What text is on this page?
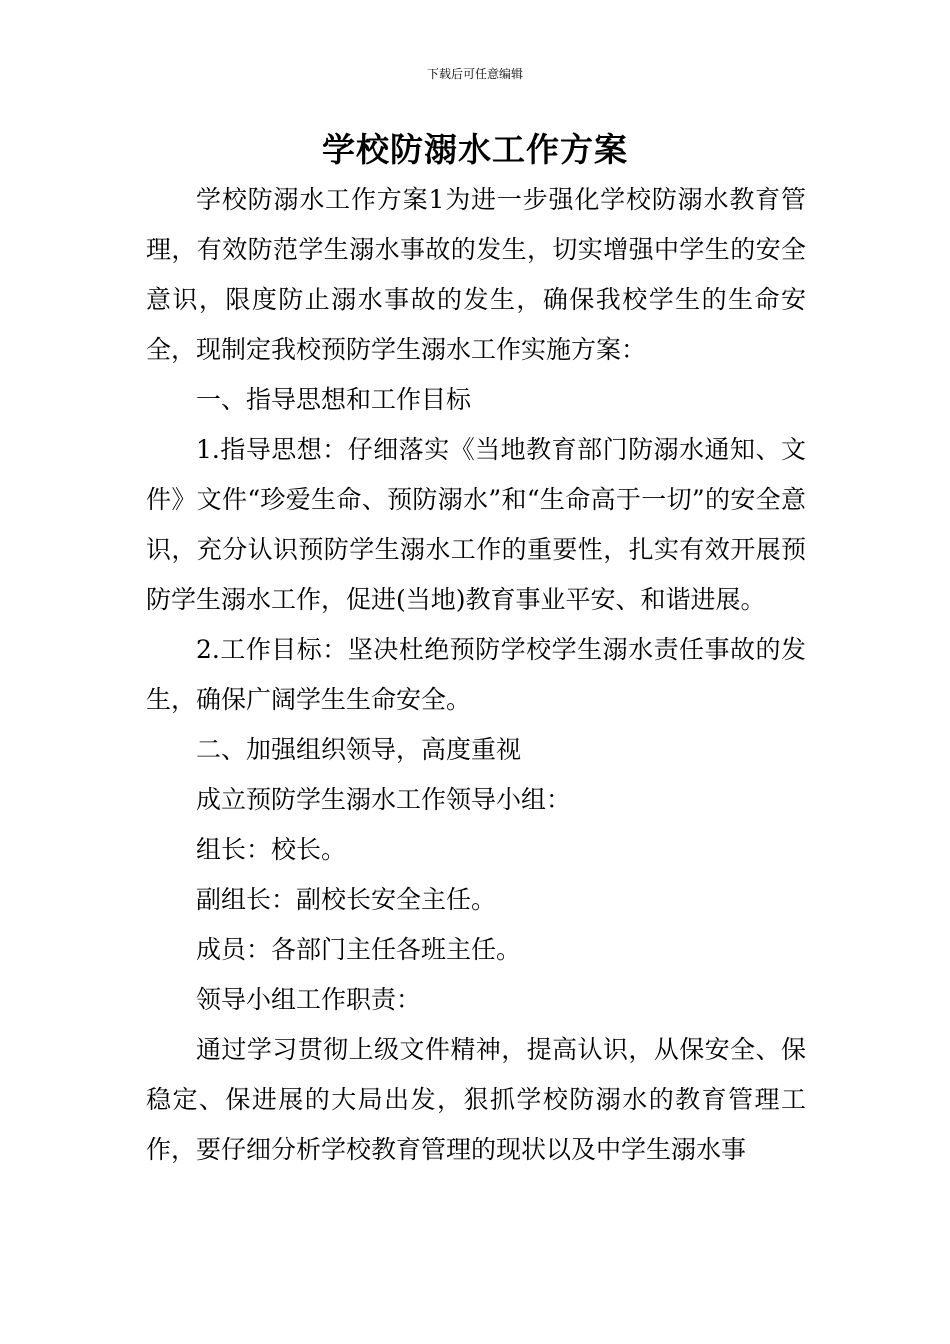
下载后可任意编辑
学校防溺水工作方案

学校防溺水工作方案1为进一步强化学校防溺水教育管理，有效防范学生溺水事故的发生，切实增强中学生的安全意识，限度防止溺水事故的发生，确保我校学生的生命安全，现制定我校预防学生溺水工作实施方案：

一、指导思想和工作目标

1.指导思想：仔细落实《当地教育部门防溺水通知、文件》文件“珍爱生命、预防溺水”和“生命高于一切”的安全意识，充分认识预防学生溺水工作的重要性，扎实有效开展预防学生溺水工作，促进(当地)教育事业平安、和谐进展。

2.工作目标：坚决杜绝预防学校学生溺水责任事故的发生，确保广阔学生生命安全。

二、加强组织领导，高度重视

成立预防学生溺水工作领导小组：

组长：校长。

副组长：副校长安全主任。

成员：各部门主任各班主任。

领导小组工作职责：

通过学习贯彻上级文件精神，提高认识，从保安全、保稳定、保进展的大局出发，狠抓学校防溺水的教育管理工作，要仔细分析学校教育管理的现状以及中学生溺水事
